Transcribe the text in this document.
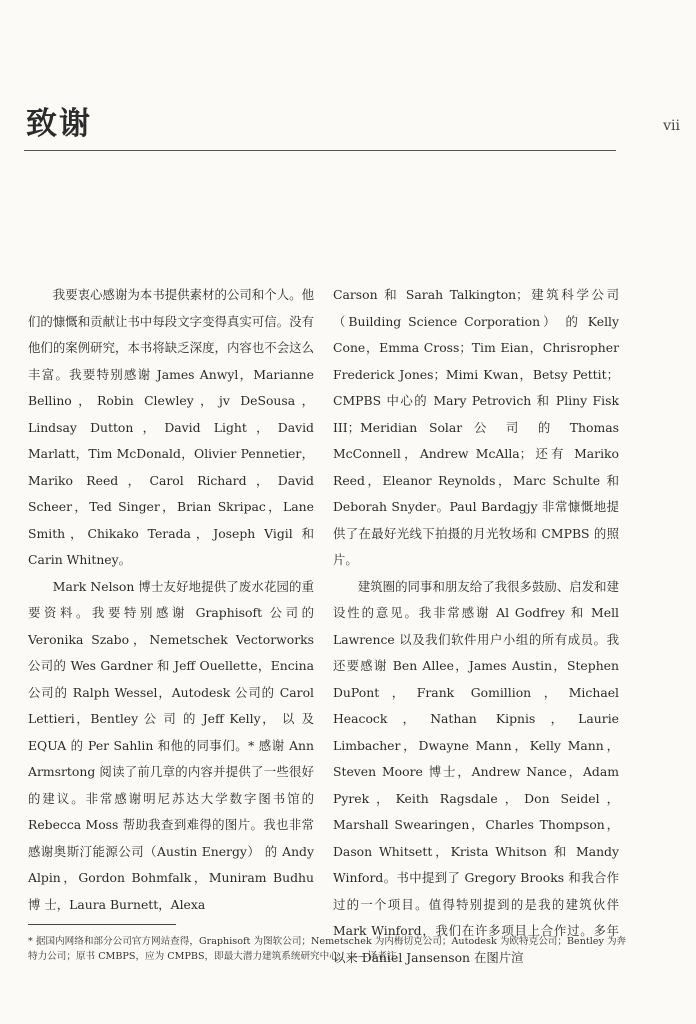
致谢	vii

我要衷心感谢为本书提供素材的公司和个人。他们的慷慨和贡献让书中每段文字变得真实可信。没有他们的案例研究，本书将缺乏深度，内容也不会这么丰富。我要特别感谢 James Anwyl，Marianne Bellino，Robin Clewley，jv DeSousa，Lindsay Dutton，David Light，David Marlatt，Tim McDonald，Olivier Pennetier，Mariko Reed，Carol Richard，David Scheer，Ted Singer，Brian Skripac，Lane Smith，Chikako Terada，Joseph Vigil 和 Carin Whitney。

Mark Nelson 博士友好地提供了废水花园的重要资料。我要特别感谢 Graphisoft 公司的 Veronika Szabo，Nemetschek Vectorworks 公司的 Wes Gardner 和 Jeff Ouellette，Encina 公司的 Ralph Wessel，Autodesk 公司的 Carol Lettieri，Bentley 公 司 的 Jeff Kelly， 以 及 EQUA 的 Per Sahlin 和他的同事们。* 感谢 Ann Armsrtong 阅读了前几章的内容并提供了一些很好的建议。非常感谢明尼苏达大学数字图书馆的 Rebecca Moss 帮助我查到难得的图片。我也非常感谢奥斯汀能源公司（Austin Energy） 的 Andy Alpin，Gordon Bohmfalk，Muniram Budhu 博 士，Laura Burnett，Alexa

Carson 和 Sarah Talkington；建筑科学公司（Building Science Corporation） 的 Kelly Cone，Emma Cross；Tim Eian，Chrisropher Frederick Jones；Mimi Kwan，Betsy Pettit；CMPBS 中心的 Mary Petrovich 和 Pliny Fisk III；Meridian Solar 公 司 的 Thomas McConnell，Andrew McAlla；还有 Mariko Reed，Eleanor Reynolds，Marc Schulte 和 Deborah Snyder。Paul Bardagjy 非常慷慨地提供了在最好光线下拍摄的月光牧场和 CMPBS 的照片。

建筑圈的同事和朋友给了我很多鼓励、启发和建设性的意见。我非常感谢 Al Godfrey 和 Mell Lawrence 以及我们软件用户小组的所有成员。我还要感谢 Ben Allee，James Austin，Stephen DuPont，Frank Gomillion，Michael Heacock，Nathan Kipnis，Laurie Limbacher，Dwayne Mann，Kelly Mann，Steven Moore 博士，Andrew Nance，Adam Pyrek，Keith Ragsdale，Don Seidel，Marshall Swearingen，Charles Thompson，Dason Whitsett，Krista Whitson 和 Mandy Winford。书中提到了 Gregory Brooks 和我合作过的一个项目。值得特别提到的是我的建筑伙伴 Mark Winford，我们在许多项目上合作过。多年以来 Daniel Jansenson 在图片渲

* 据国内网络和部分公司官方网站查得，Graphisoft 为图软公司；Nemetschek 为内梅切克公司；Autodesk 为欧特克公司；Bentley 为奔特力公司；原书 CMBPS，应为 CMPBS，即最大潜力建筑系统研究中心。——译者注
